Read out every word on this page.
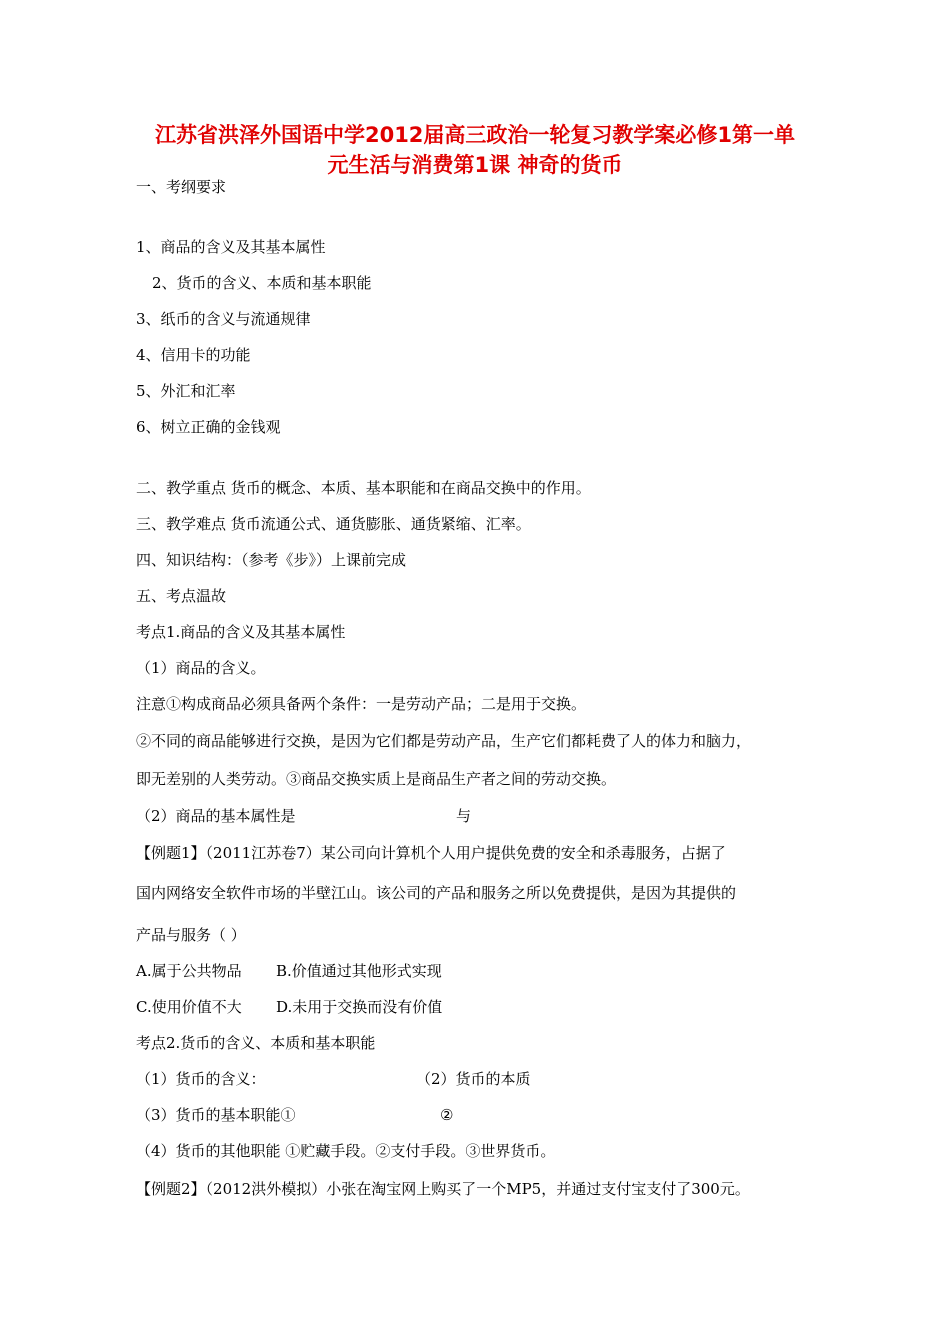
江苏省洪泽外国语中学2012届高三政治一轮复习教学案必修1第一单
元生活与消费第1课 神奇的货币
一、考纲要求
1、商品的含义及其基本属性
2、货币的含义、本质和基本职能
3、纸币的含义与流通规律
4、信用卡的功能
5、外汇和汇率
6、树立正确的金钱观
二、教学重点 货币的概念、本质、基本职能和在商品交换中的作用。
三、教学难点 货币流通公式、通货膨胀、通货紧缩、汇率。
四、知识结构：（参考《步》）上课前完成
五、考点温故
考点1.商品的含义及其基本属性
（1）商品的含义。
注意①构成商品必须具备两个条件：一是劳动产品；二是用于交换。
②不同的商品能够进行交换，是因为它们都是劳动产品，生产它们都耗费了人的体力和脑力，
即无差别的人类劳动。③商品交换实质上是商品生产者之间的劳动交换。
（2）商品的基本属性是	与
【例题1】（2011江苏卷7）某公司向计算机个人用户提供免费的安全和杀毒服务，占据了
国内网络安全软件市场的半壁江山。该公司的产品和服务之所以免费提供，是因为其提供的
产品与服务（ ）
A.属于公共物品 B.价值通过其他形式实现
C.使用价值不大 D.未用于交换而没有价值
考点2.货币的含义、本质和基本职能
（1）货币的含义：	（2）货币的本质
（3）货币的基本职能①	②
（4）货币的其他职能 ①贮藏手段。②支付手段。③世界货币。
【例题2】（2012洪外模拟）小张在淘宝网上购买了一个MP5，并通过支付宝支付了300元。
